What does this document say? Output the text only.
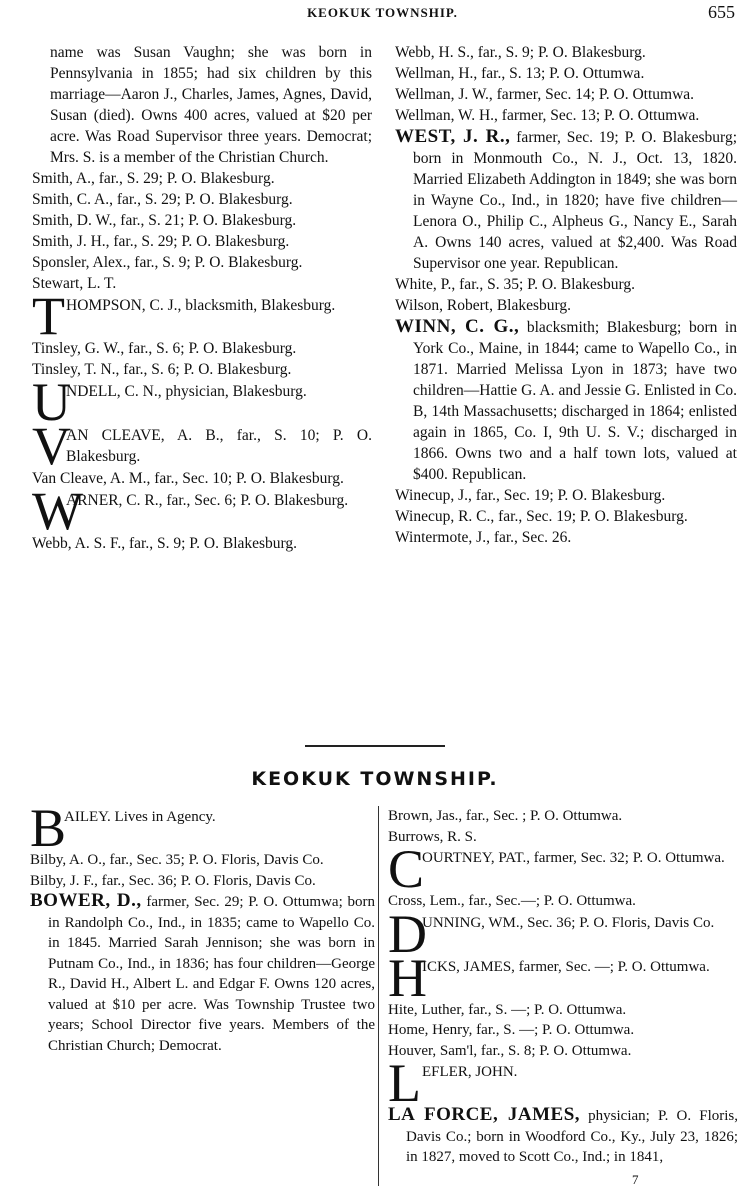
KEOKUK TOWNSHIP.	655
name was Susan Vaughn; she was born in Pennsylvania in 1855; had six children by this marriage—Aaron J., Charles, James, Agnes, David, Susan (died). Owns 400 acres, valued at $20 per acre. Was Road Supervisor three years. Democrat; Mrs. S. is a member of the Christian Church.
Smith, A., far., S. 29; P. O. Blakesburg.
Smith, C. A., far., S. 29; P. O. Blakesburg.
Smith, D. W., far., S. 21; P. O. Blakesburg.
Smith, J. H., far., S. 29; P. O. Blakesburg.
Sponsler, Alex., far., S. 9; P. O. Blakesburg.
Stewart, L. T.
T HOMPSON, C. J., blacksmith, Blakesburg.
Tinsley, G. W., far., S. 6; P. O. Blakesburg.
Tinsley, T. N., far., S. 6; P. O. Blakesburg.
U
NDELL, C. N., physician, Blakesburg.
V
AN CLEAVE, A. B., far., S. 10; P. O. Blakesburg.
Van Cleave, A. M., far., Sec. 10; P. O. Blakesburg.
W
ARNER, C. R., far., Sec. 6; P. O. Blakesburg.
Webb, A. S. F., far., S. 9; P. O. Blakesburg.
Webb, H. S., far., S. 9; P. O. Blakesburg.
Wellman, H., far., S. 13; P. O. Ottumwa.
Wellman, J. W., farmer, Sec. 14; P. O. Ottumwa.
Wellman, W. H., farmer, Sec. 13; P. O. Ottumwa.
WEST, J. R., farmer, Sec. 19; P. O. Blakesburg; born in Monmouth Co., N. J., Oct. 13, 1820. Married Elizabeth Addington in 1849; she was born in Wayne Co., Ind., in 1820; have five children—Lenora O., Philip C., Alpheus G., Nancy E., Sarah A. Owns 140 acres, valued at $2,400. Was Road Supervisor one year. Republican.
White, P., far., S. 35; P. O. Blakesburg.
Wilson, Robert, Blakesburg.
WINN, C. G., blacksmith; Blakesburg; born in York Co., Maine, in 1844; came to Wapello Co., in 1871. Married Melissa Lyon in 1873; have two children—Hattie G. A. and Jessie G. Enlisted in Co. B, 14th Massachusetts; discharged in 1864; enlisted again in 1865, Co. I, 9th U. S. V.; discharged in 1866. Owns two and a half town lots, valued at $400. Republican.
Winecup, J., far., Sec. 19; P. O. Blakesburg.
Winecup, R. C., far., Sec. 19; P. O. Blakesburg.
Wintermote, J., far., Sec. 26.
KEOKUK TOWNSHIP.
B
AILEY. Lives in Agency.
Bilby, A. O., far., Sec. 35; P. O. Floris, Davis Co.
Bilby, J. F., far., Sec. 36; P. O. Floris, Davis Co.
BOWER, D., farmer, Sec. 29; P. O. Ottumwa; born in Randolph Co., Ind., in 1835; came to Wapello Co. in 1845. Married Sarah Jennison; she was born in Putnam Co., Ind., in 1836; has four children—George R., David H., Albert L. and Edgar F. Owns 120 acres, valued at $10 per acre. Was Township Trustee two years; School Director five years. Members of the Christian Church; Democrat.
Brown, Jas., far., Sec. ; P. O. Ottumwa.
Burrows, R. S.
C
OURTNEY, PAT., farmer, Sec. 32; P. O. Ottumwa.
Cross, Lem., far., Sec.—; P. O. Ottumwa.
D
UNNING, WM., Sec. 36; P. O. Floris, Davis Co.
H
ICKS, JAMES, farmer, Sec. —; P. O. Ottumwa.
Hite, Luther, far., S. —; P. O. Ottumwa.
Home, Henry, far., S. —; P. O. Ottumwa.
Houver, Sam'l, far., S. 8; P. O. Ottumwa.
L EFLER, JOHN.
LA FORCE, JAMES, physician; P. O. Floris, Davis Co.; born in Woodford Co., Ky., July 23, 1826; in 1827, moved to Scott Co., Ind.; in 1841,
7
